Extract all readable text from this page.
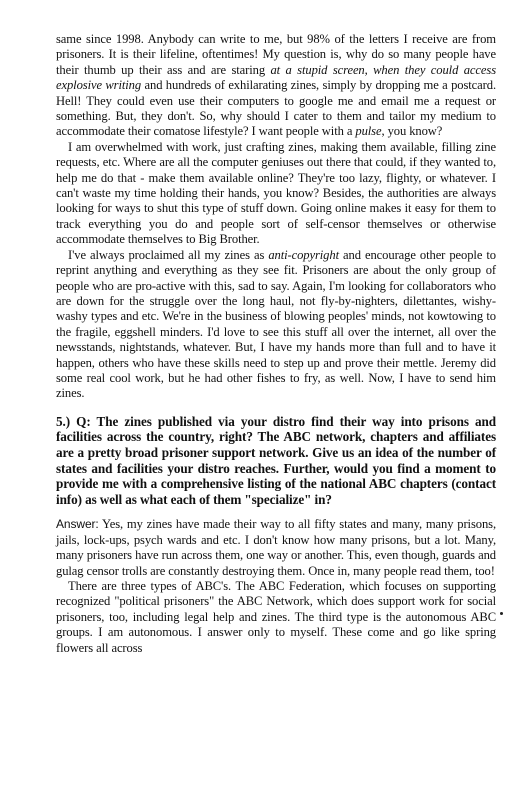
same since 1998. Anybody can write to me, but 98% of the letters I receive are from prisoners. It is their lifeline, oftentimes! My question is, why do so many people have their thumb up their ass and are staring at a stupid screen, when they could access explosive writing and hundreds of exhilarating zines, simply by dropping me a postcard. Hell! They could even use their computers to google me and email me a request or something. But, they don't. So, why should I cater to them and tailor my medium to accommodate their comatose lifestyle? I want people with a pulse, you know?

I am overwhelmed with work, just crafting zines, making them available, filling zine requests, etc. Where are all the computer geniuses out there that could, if they wanted to, help me do that - make them available online? They're too lazy, flighty, or whatever. I can't waste my time holding their hands, you know? Besides, the authorities are always looking for ways to shut this type of stuff down. Going online makes it easy for them to track everything you do and people sort of self-censor themselves or otherwise accommodate themselves to Big Brother.

I've always proclaimed all my zines as anti-copyright and encourage other people to reprint anything and everything as they see fit. Prisoners are about the only group of people who are pro-active with this, sad to say. Again, I'm looking for collaborators who are down for the struggle over the long haul, not fly-by-nighters, dilettantes, wishy-washy types and etc. We're in the business of blowing peoples' minds, not kowtowing to the fragile, eggshell minders. I'd love to see this stuff all over the internet, all over the newsstands, nightstands, whatever. But, I have my hands more than full and to have it happen, others who have these skills need to step up and prove their mettle. Jeremy did some real cool work, but he had other fishes to fry, as well. Now, I have to send him zines.

5.) Q: The zines published via your distro find their way into prisons and facilities across the country, right? The ABC network, chapters and affiliates are a pretty broad prisoner support network. Give us an idea of the number of states and facilities your distro reaches. Further, would you find a moment to provide me with a comprehensive listing of the national ABC chapters (contact info) as well as what each of them "specialize" in?

Answer: Yes, my zines have made their way to all fifty states and many, many prisons, jails, lock-ups, psych wards and etc. I don't know how many prisons, but a lot. Many, many prisoners have run across them, one way or another. This, even though, guards and gulag censor trolls are constantly destroying them. Once in, many people read them, too!

There are three types of ABC's. The ABC Federation, which focuses on supporting recognized "political prisoners" the ABC Network, which does support work for social prisoners, too, including legal help and zines. The third type is the autonomous ABC groups. I am autonomous. I answer only to myself. These come and go like spring flowers all across
